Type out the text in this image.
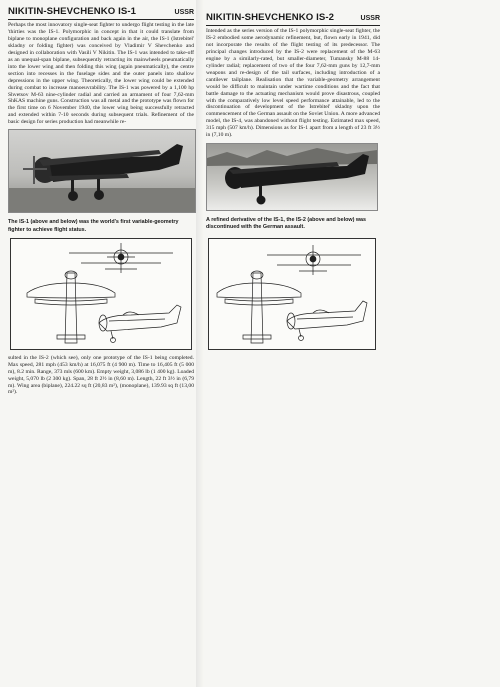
NIKITIN-SHEVCHENKO IS-1	USSR

Perhaps the most innovatory single-seat fighter to undergo flight testing in the late 'thirties was the IS-1. Polymorphic in concept in that it could translate from biplane to monoplane configuration and back again in the air, the IS-1 (Istrebitel' skladny or folding fighter) was conceived by Vladimir V Shevchenko and designed in collaboration with Vasili V Nikitin. The IS-1 was intended to take-off as an unequal-span biplane, subsequently retracting its mainwheels pneumatically into the lower wing and then folding this wing (again pneumatically), the centre section into recesses in the fuselage sides and the outer panels into shallow depressions in the upper wing. Theoretically, the lower wing could be extended during combat to increase manoeuvrability. The IS-1 was powered by a 1,100 hp Shvetsov M-63 nine-cylinder radial and carried an armament of four 7,62-mm ShKAS machine guns. Construction was all metal and the prototype was flown for the first time on 6 November 1940, the lower wing being successfully retracted and extended within 7-10 seconds during subsequent trials. Refinement of the basic design for series production had meanwhile re-

The IS-1 (above and below) was the world's first variable-geometry fighter to achieve flight status.

sulted in the IS-2 (which see), only one prototype of the IS-1 being completed. Max speed, 281 mph (453 km/h) at 16,075 ft (4 900 m). Time to 16,405 ft (5 000 m), 8.2 min. Range, 373 mls (600 km). Empty weight, 3,086 lb (1 400 kg). Loaded weight, 5,070 lb (2 300 kg). Span, 28 ft 2½ in (8,60 m). Length, 22 ft 3½ in (6,79 m). Wing area (biplane), 224.22 sq ft (20,83 m²), (monoplane), 139.93 sq ft (13,00 m²).

NIKITIN-SHEVCHENKO IS-2	USSR

Intended as the series version of the IS-1 polymorphic single-seat fighter, the IS-2 embodied some aerodynamic refinement, but, flown early in 1941, did not incorporate the results of the flight testing of its predecessor. The principal changes introduced by the IS-2 were replacement of the M-63 engine by a similarly-rated, but smaller-diameter, Tumansky M-88 14-cylinder radial; replacement of two of the four 7,62-mm guns by 12,7-mm weapons and re-design of the tail surfaces, including introduction of a cantilever tailplane. Realisation that the variable-geometry arrangement would be difficult to maintain under wartime conditions and the fact that battle damage to the actuating mechanism would prove disastrous, coupled with the comparatively low level speed performance attainable, led to the discontinuation of development of the Istrebitel' skladny upon the commencement of the German assault on the Soviet Union. A more advanced model, the IS-4, was abandoned without flight testing. Estimated max speed, 315 mph (507 km/h). Dimensions as for IS-1 apart from a length of 23 ft 3½ in (7,10 m).

A refined derivative of the IS-1, the IS-2 (above and below) was discontinued with the German assault.
